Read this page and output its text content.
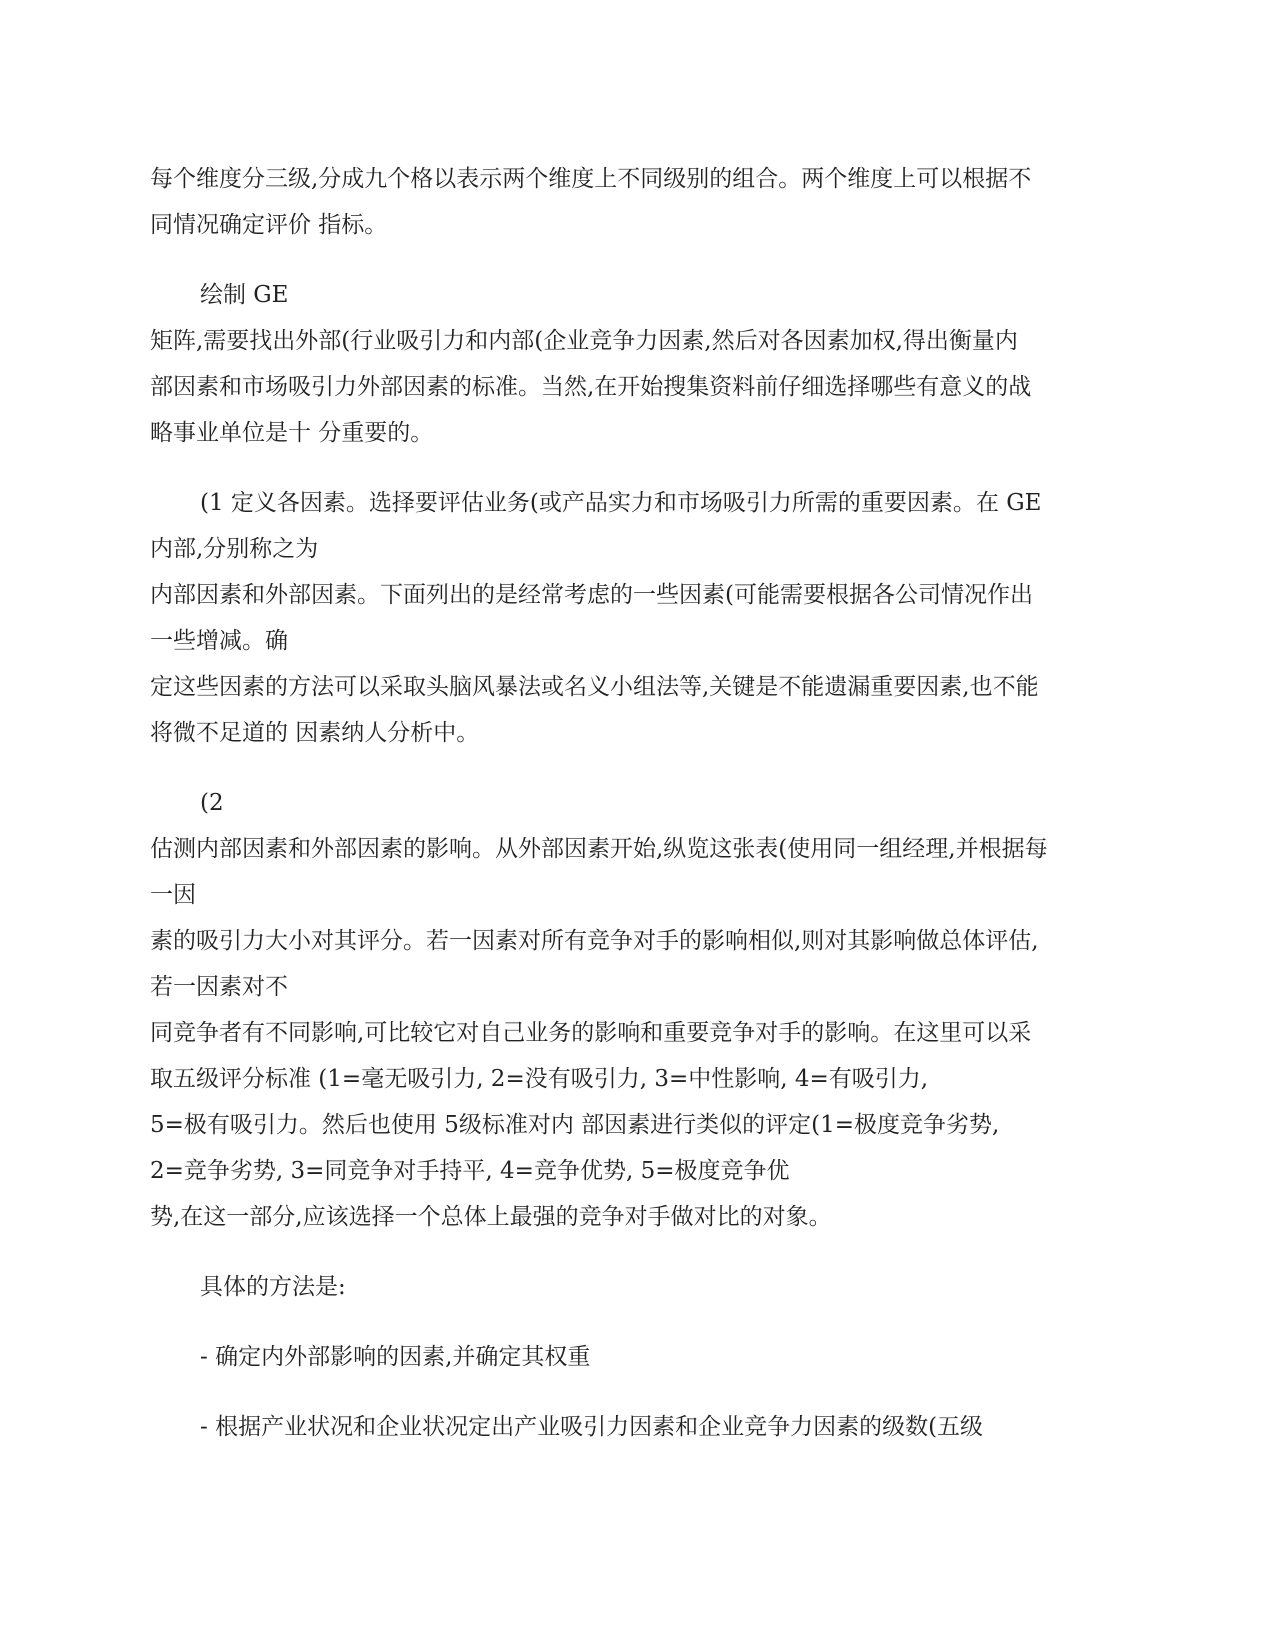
每个维度分三级,分成九个格以表示两个维度上不同级别的组合。两个维度上可以根据不
同情况确定评价 指标。
绘制 GE
矩阵,需要找出外部(行业吸引力和内部(企业竞争力因素,然后对各因素加权,得出衡量内
部因素和市场吸引力外部因素的标准。当然,在开始搜集资料前仔细选择哪些有意义的战
略事业单位是十 分重要的。
(1 定义各因素。选择要评估业务(或产品实力和市场吸引力所需的重要因素。在 GE
内部,分别称之为
内部因素和外部因素。下面列出的是经常考虑的一些因素(可能需要根据各公司情况作出
一些增减。确
定这些因素的方法可以采取头脑风暴法或名义小组法等,关键是不能遗漏重要因素,也不能
将微不足道的 因素纳人分析中。
(2
估测内部因素和外部因素的影响。从外部因素开始,纵览这张表(使用同一组经理,并根据每
一因
素的吸引力大小对其评分。若一因素对所有竞争对手的影响相似,则对其影响做总体评估,
若一因素对不
同竞争者有不同影响,可比较它对自己业务的影响和重要竞争对手的影响。在这里可以采
取五级评分标准 (1=毫无吸引力, 2=没有吸引力, 3=中性影响, 4=有吸引力,
5=极有吸引力。然后也使用 5级标准对内 部因素进行类似的评定(1=极度竞争劣势,
2=竞争劣势, 3=同竞争对手持平, 4=竞争优势, 5=极度竞争优
势,在这一部分,应该选择一个总体上最强的竞争对手做对比的对象。
具体的方法是:
- 确定内外部影响的因素,并确定其权重
- 根据产业状况和企业状况定出产业吸引力因素和企业竞争力因素的级数(五级
